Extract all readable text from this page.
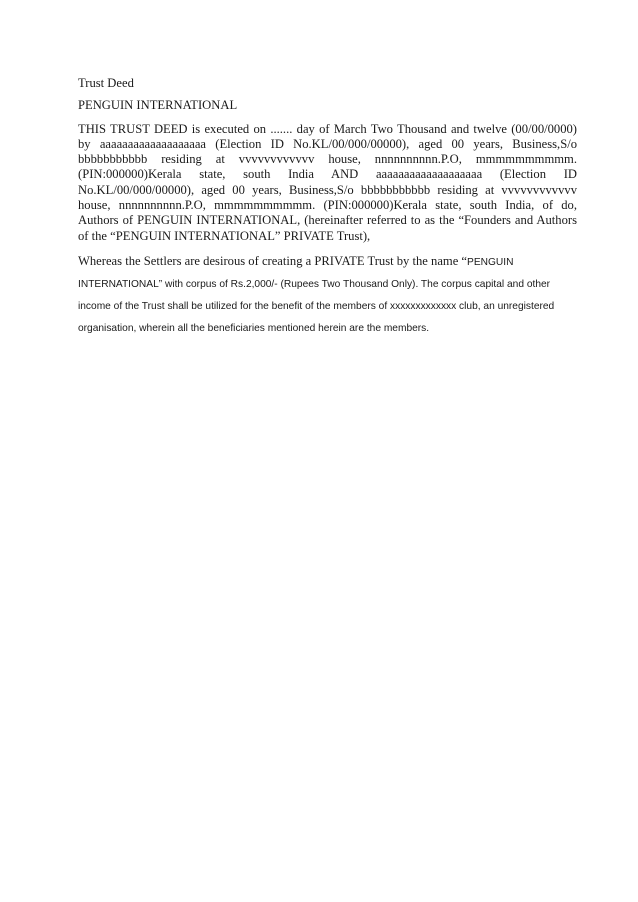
Trust Deed

PENGUIN INTERNATIONAL

THIS TRUST DEED is executed on ....... day of March Two Thousand and twelve (00/00/0000) by aaaaaaaaaaaaaaaaaaa (Election ID No.KL/00/000/00000), aged 00 years, Business,S/o bbbbbbbbbbb residing at vvvvvvvvvvvv house, nnnnnnnnnn.P.O, mmmmmmmmmm. (PIN:000000)Kerala state, south India AND aaaaaaaaaaaaaaaaaaa (Election ID No.KL/00/000/00000), aged 00 years, Business,S/o bbbbbbbbbbb residing at vvvvvvvvvvvv house, nnnnnnnnnn.P.O, mmmmmmmmmm. (PIN:000000)Kerala state, south India, of do, Authors of PENGUIN INTERNATIONAL, (hereinafter referred to as the “Founders and Authors of the “PENGUIN INTERNATIONAL” PRIVATE Trust),

Whereas the Settlers are desirous of creating a PRIVATE Trust by the name “PENGUIN INTERNATIONAL” with corpus of Rs.2,000/- (Rupees Two Thousand Only). The corpus capital and other income of the Trust shall be utilized for the benefit of the members of xxxxxxxxxxxxx club, an unregistered organisation, wherein all the beneficiaries mentioned herein are the members.
